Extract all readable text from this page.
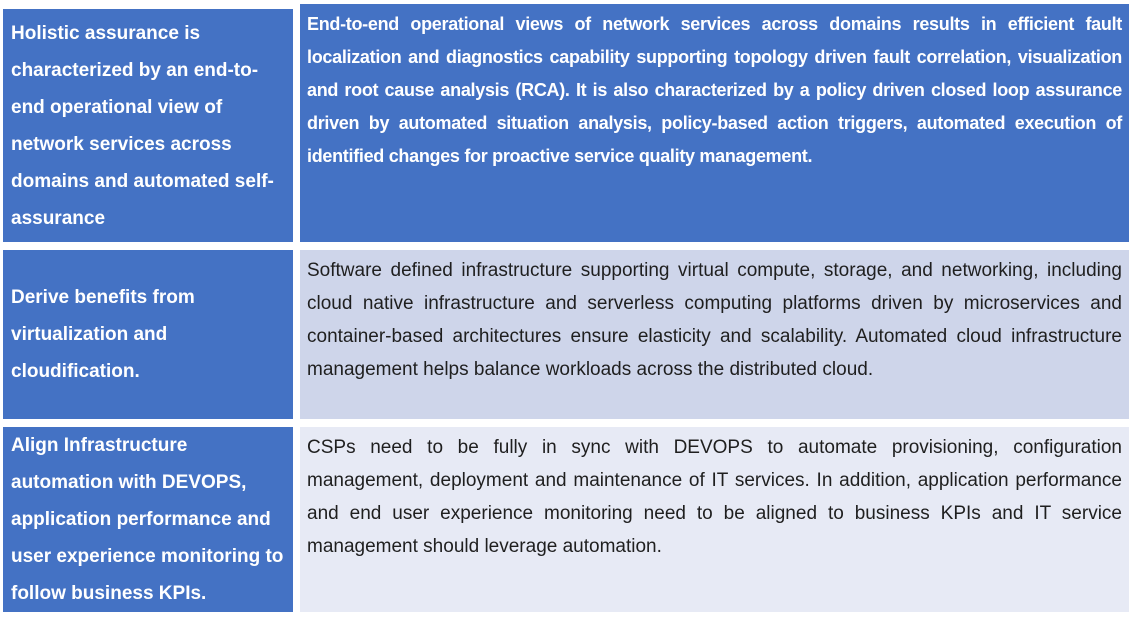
Holistic assurance is characterized by an end-to-end operational view of network services across domains and automated self-assurance

End-to-end operational views of network services across domains results in efficient fault localization and diagnostics capability supporting topology driven fault correlation, visualization and root cause analysis (RCA). It is also characterized by a policy driven closed loop assurance driven by automated situation analysis, policy-based action triggers, automated execution of identified changes for proactive service quality management.

Derive benefits from virtualization and cloudification.

Software defined infrastructure supporting virtual compute, storage, and networking, including cloud native infrastructure and serverless computing platforms driven by microservices and container-based architectures ensure elasticity and scalability. Automated cloud infrastructure management helps balance workloads across the distributed cloud.

Align Infrastructure automation with DEVOPS, application performance and user experience monitoring to follow business KPIs.

CSPs need to be fully in sync with DEVOPS to automate provisioning, configuration management, deployment and maintenance of IT services. In addition, application performance and end user experience monitoring need to be aligned to business KPIs and IT service management should leverage automation.
